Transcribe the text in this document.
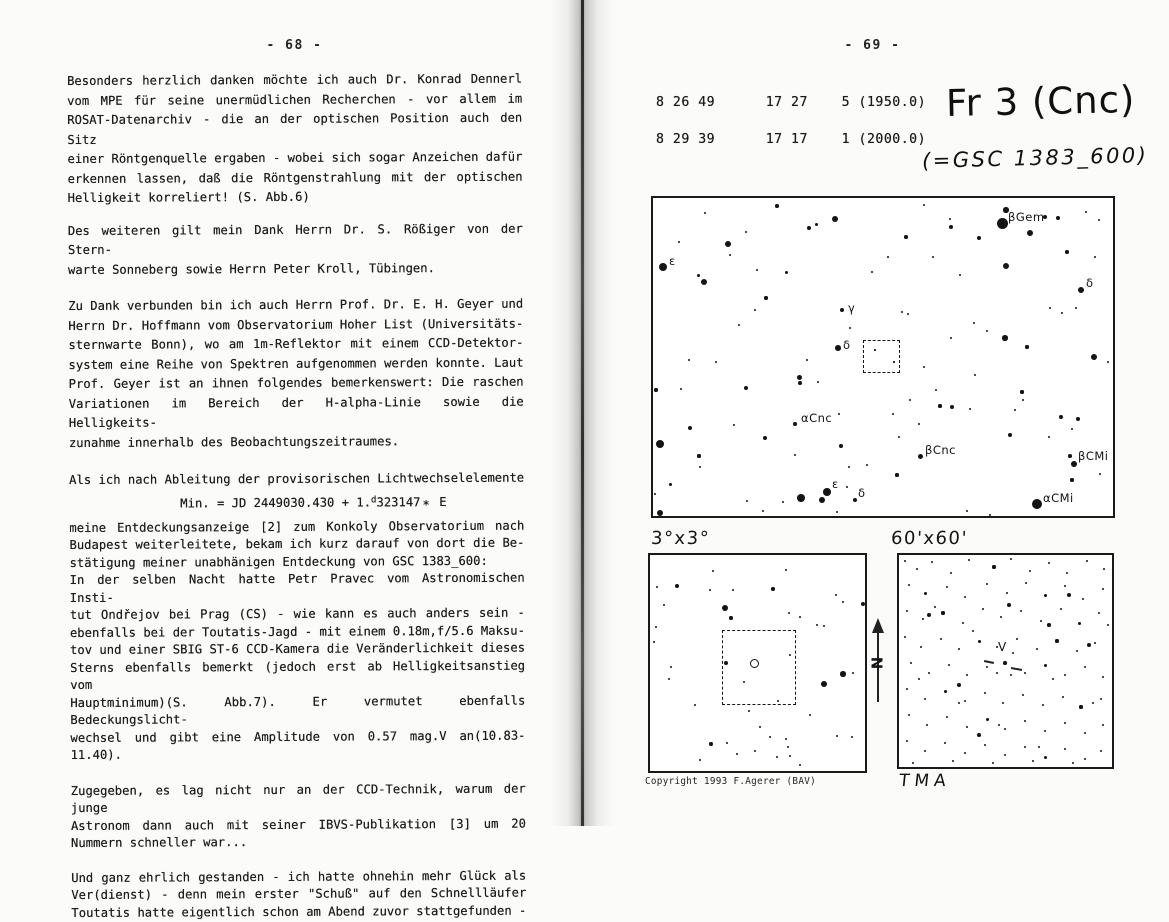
- 68 -
Besonders herzlich danken möchte ich auch Dr. Konrad Dennerl
vom MPE für seine unermüdlichen Recherchen - vor allem im
ROSAT-Datenarchiv - die an der optischen Position auch den Sitz
einer Röntgenquelle ergaben - wobei sich sogar Anzeichen dafür
erkennen lassen, daß die Röntgenstrahlung mit der optischen
Helligkeit korreliert! (S. Abb.6)
Des weiteren gilt mein Dank Herrn Dr. S. Rößiger von der Stern-
warte Sonneberg sowie Herrn Peter Kroll, Tübingen.
Zu Dank verbunden bin ich auch Herrn Prof. Dr. E. H. Geyer und
Herrn Dr. Hoffmann vom Observatorium Hoher List (Universitäts-
sternwarte Bonn), wo am 1m-Reflektor mit einem CCD-Detektor-
system eine Reihe von Spektren aufgenommen werden konnte. Laut
Prof. Geyer ist an ihnen folgendes bemerkenswert: Die raschen
Variationen im Bereich der H-alpha-Linie sowie die Helligkeits-
zunahme innerhalb des Beobachtungszeitraumes.
Als ich nach Ableitung der provisorischen Lichtwechselelemente
Min. = JD 2449030.430 + 1.$^d$323147 * E
meine Entdeckungsanzeige [2] zum Konkoly Observatorium nach
Budapest weiterleitete, bekam ich kurz darauf von dort die Be-
stätigung meiner unabhänigen Entdeckung von GSC 1383_600:
In der selben Nacht hatte Petr Pravec vom Astronomischen Insti-
tut Ondřejov bei Prag (CS) - wie kann es auch anders sein -
ebenfalls bei der Toutatis-Jagd - mit einem 0.18m,f/5.6 Maksu-
tov und einer SBIG ST-6 CCD-Kamera die Veränderlichkeit dieses
Sterns ebenfalls bemerkt (jedoch erst ab Helligkeitsanstieg vom
Hauptminimum)(S. Abb.7). Er vermutet ebenfalls Bedeckungslicht-
wechsel und gibt eine Amplitude von 0.57 mag.V an(10.83-11.40).
Zugegeben, es lag nicht nur an der CCD-Technik, warum der junge
Astronom dann auch mit seiner IBVS-Publikation [3] um 20
Nummern schneller war...
Und ganz ehrlich gestanden - ich hatte ohnehin mehr Glück als
Ver(dienst) - denn mein erster "Schuß" auf den Schnellläufer
Toutatis hatte eigentlich schon am Abend zuvor stattgefunden -
- 69 -
8 26 49      17 27    5 (1950.0)
8 29 39      17 17    1 (2000.0)
Fr 3 (Cnc)
(=GSC 1383_600)
ε
γ
δ
βGem
δ
αCnc
βCnc	βCMi
αCMi
ε
δ
3°x3°
N
60'x60'
V
Copyright 1993 F.Agerer (BAV)	TMA
